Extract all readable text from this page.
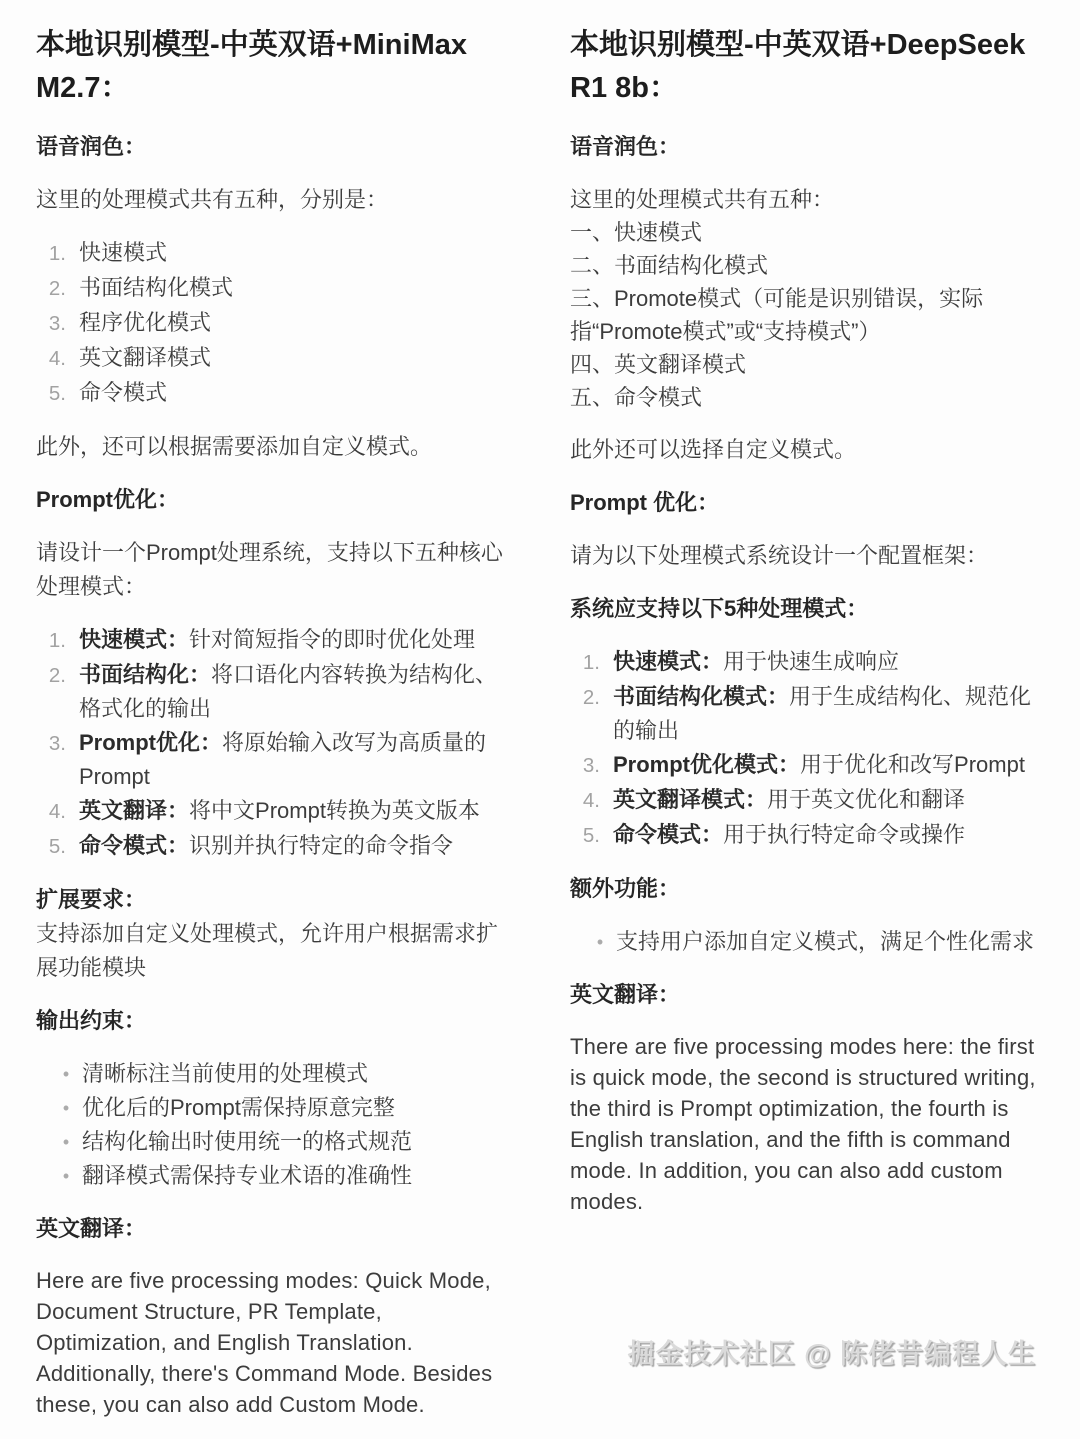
本地识别模型-中英双语+MiniMax
M2.7：
语音润色：
这里的处理模式共有五种，分别是：
1. 快速模式
2. 书面结构化模式
3. 程序优化模式
4. 英文翻译模式
5. 命令模式
此外，还可以根据需要添加自定义模式。
Prompt优化：
请设计一个Prompt处理系统，支持以下五种核心处理模式：
1. 快速模式：针对简短指令的即时优化处理
2. 书面结构化：将口语化内容转换为结构化、格式化的输出
3. Prompt优化：将原始输入改写为高质量的Prompt
4. 英文翻译：将中文Prompt转换为英文版本
5. 命令模式：识别并执行特定的命令指令
扩展要求：
支持添加自定义处理模式，允许用户根据需求扩展功能模块
输出约束：
• 清晰标注当前使用的处理模式
• 优化后的Prompt需保持原意完整
• 结构化输出时使用统一的格式规范
• 翻译模式需保持专业术语的准确性
英文翻译：
Here are five processing modes: Quick Mode, Document Structure, PR Template, Optimization, and English Translation. Additionally, there's Command Mode. Besides these, you can also add Custom Mode.
本地识别模型-中英双语+DeepSeek
R1 8b：
语音润色：
这里的处理模式共有五种：
一、快速模式
二、书面结构化模式
三、Promote模式（可能是识别错误，实际指“Promote模式”或“支持模式”）
四、英文翻译模式
五、命令模式
此外还可以选择自定义模式。
Prompt 优化：
请为以下处理模式系统设计一个配置框架：
系统应支持以下5种处理模式：
1. 快速模式：用于快速生成响应
2. 书面结构化模式：用于生成结构化、规范化的输出
3. Prompt优化模式：用于优化和改写Prompt
4. 英文翻译模式：用于英文优化和翻译
5. 命令模式：用于执行特定命令或操作
额外功能：
• 支持用户添加自定义模式，满足个性化需求
英文翻译：
There are five processing modes here: the first is quick mode, the second is structured writing, the third is Prompt optimization, the fourth is English translation, and the fifth is command mode. In addition, you can also add custom modes.
掘金技术社区 @ 陈佬昔编程人生
